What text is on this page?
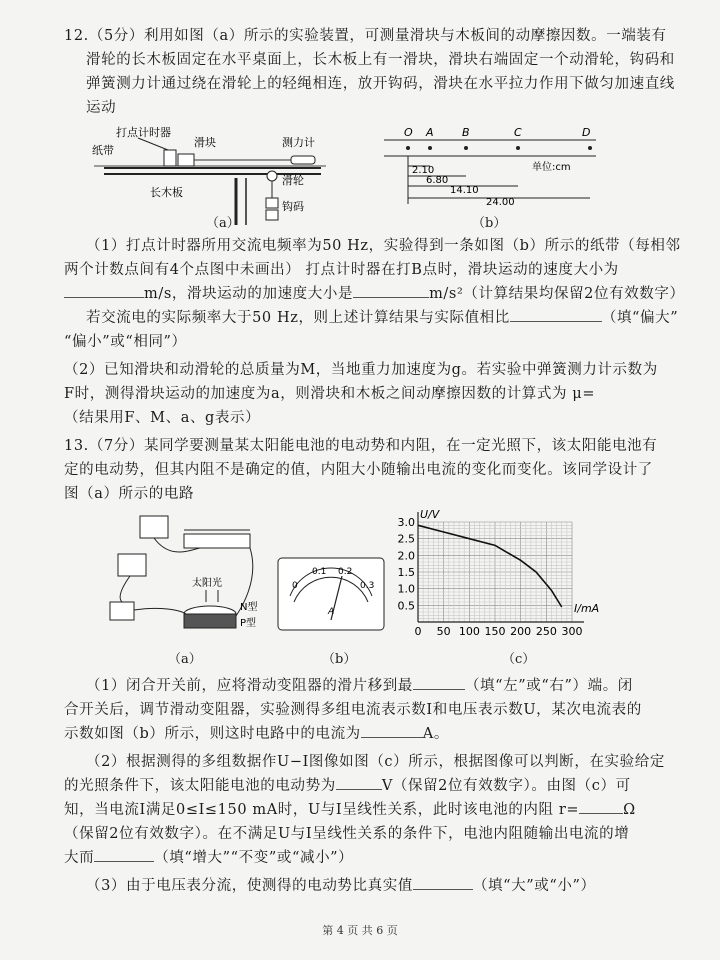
12.（5分）利用如图（a）所示的实验装置，可测量滑块与木板间的动摩擦因数。一端装有
滑轮的长木板固定在水平桌面上，长木板上有一滑块，滑块右端固定一个动滑轮，钩码和
弹簧测力计通过绕在滑轮上的轻绳相连，放开钩码，滑块在水平拉力作用下做匀加速直线
运动
打点计时器
纸带
滑块	测力计
滑轮
长木板
钩码
（a）
O A	B	C	D
2.10
6.80
14.10
24.00
单位:cm
（b）
（1）打点计时器所用交流电频率为50 Hz，实验得到一条如图（b）所示的纸带（每相邻
两个计数点间有4个点图中未画出） 打点计时器在打B点时，滑块运动的速度大小为
m/s，滑块运动的加速度大小是	m/s²（计算结果均保留2位有效数字）
若交流电的实际频率大于50 Hz，则上述计算结果与实际值相比	（填“偏大”
“偏小”或“相同”）
（2）已知滑块和动滑轮的总质量为M，当地重力加速度为g。若实验中弹簧测力计示数为
F时，测得滑块运动的加速度为a，则滑块和木板之间动摩擦因数的计算式为 μ=
（结果用F、M、a、g表示）
13.（7分）某同学要测量某太阳能电池的电动势和内阻，在一定光照下，该太阳能电池有
定的电动势，但其内阻不是确定的值，内阻大小随输出电流的变化而变化。该同学设计了
图（a）所示的电路
太阳光
N型
P型
（a）
0
0.1 0.2
0.3
A
（b）
0 50 100 150 200 250 300
3.0
2.5
2.0
1.5
1.0
0.5
U/V
I/mA
（c）
（1）闭合开关前，应将滑动变阻器的滑片移到最	（填“左”或“右”）端。闭
合开关后，调节滑动变阻器，实验测得多组电流表示数I和电压表示数U，某次电流表的
示数如图（b）所示，则这时电路中的电流为	A。
（2）根据测得的多组数据作U−I图像如图（c）所示，根据图像可以判断，在实验给定
的光照条件下，该太阳能电池的电动势为	V（保留2位有效数字）。由图（c）可
知，当电流I满足0≤I≤150 mA时，U与I呈线性关系，此时该电池的内阻 r=	Ω
（保留2位有效数字）。在不满足U与I呈线性关系的条件下，电池内阻随输出电流的增
大而	（填“增大”“不变”或“减小”）
（3）由于电压表分流，使测得的电动势比真实值	（填“大”或“小”）
第 4 页 共 6 页
